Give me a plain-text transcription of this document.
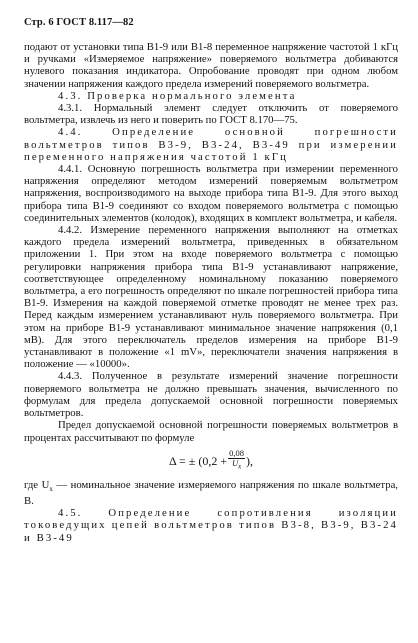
Стр. 6 ГОСТ 8.117—82

подают от установки типа В1-9 или В1-8 переменное напряжение частотой 1 кГц и ручками «Измеряемое напряжение» поверяемого вольтметра добиваются нулевого показания индикатора. Опробование проводят при одном любом значении напряжения каждого предела измерений поверяемого вольтметра.

4.3. Проверка нормального элемента

4.3.1. Нормальный элемент следует отключить от поверяемого вольтметра, извлечь из него и поверить по ГОСТ 8.170—75.

4.4. Определение основной погрешности вольтметров типов В3-9, В3-24, В3-49 при измерении переменного напряжения частотой 1 кГц

4.4.1. Основную погрешность вольтметра при измерении переменного напряжения определяют методом измерений поверяемым вольтметром напряжения, воспроизводимого на выходе прибора типа В1-9. Для этого выход прибора типа В1-9 соединяют со входом поверяемого вольтметра с помощью соединительных элементов (колодок), входящих в комплект вольтметра, и кабеля.

4.4.2. Измерение переменного напряжения выполняют на отметках каждого предела измерений вольтметра, приведенных в обязательном приложении 1. При этом на входе поверяемого вольтметра с помощью регулировки напряжения прибора типа В1-9 устанавливают напряжение, соответствующее определенному номинальному показанию поверяемого вольтметра, а его погрешность определяют по шкале погрешностей прибора типа В1-9. Измерения на каждой поверяемой отметке проводят не менее трех раз. Перед каждым измерением устанавливают нуль поверяемого вольтметра. При этом на приборе В1-9 устанавливают минимальное значение напряжения (0,1 мВ). Для этого переключатель пределов измерения на приборе В1-9 устанавливают в положение «1 mV», переключатели значения напряжения в положение — «10000».

4.4.3. Полученное в результате измерений значение погрешности поверяемого вольтметра не должно превышать значения, вычисленного по формулам для предела допускаемой основной погрешности поверяемых вольтметров.

Предел допускаемой основной погрешности поверяемых вольтметров в процентах рассчитывают по формуле

Δ = ± ($0,2 + \frac{0,08}{U_x}$ ),

где $U_x$ — номинальное значение измеряемого напряжения по шкале вольтметра, В.

4.5. Определение сопротивления изоляции токоведущих цепей вольтметров типов В3-8, В3-9, В3-24 и В3-49
